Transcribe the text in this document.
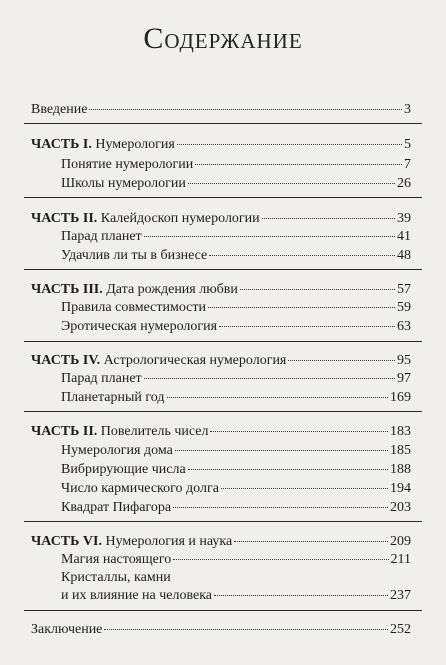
Содержание
Введение	3
ЧАСТЬ I. Нумерология	5
Понятие нумерологии	7
Школы нумерологии	26
ЧАСТЬ II. Калейдоскоп нумерологии	39
Парад планет	41
Удачлив ли ты в бизнесе	48
ЧАСТЬ III. Дата рождения любви	57
Правила совместимости	59
Эротическая нумерология	63
ЧАСТЬ IV. Астрологическая нумерология	95
Парад планет	97
Планетарный год	169
ЧАСТЬ II. Повелитель чисел	183
Нумерология дома	185
Вибрирующие числа	188
Число кармического долга	194
Квадрат Пифагора	203
ЧАСТЬ VI. Нумерология и наука	209
Магия настоящего	211
Кристаллы, камни
и их влияние на человека	237
Заключение	252
